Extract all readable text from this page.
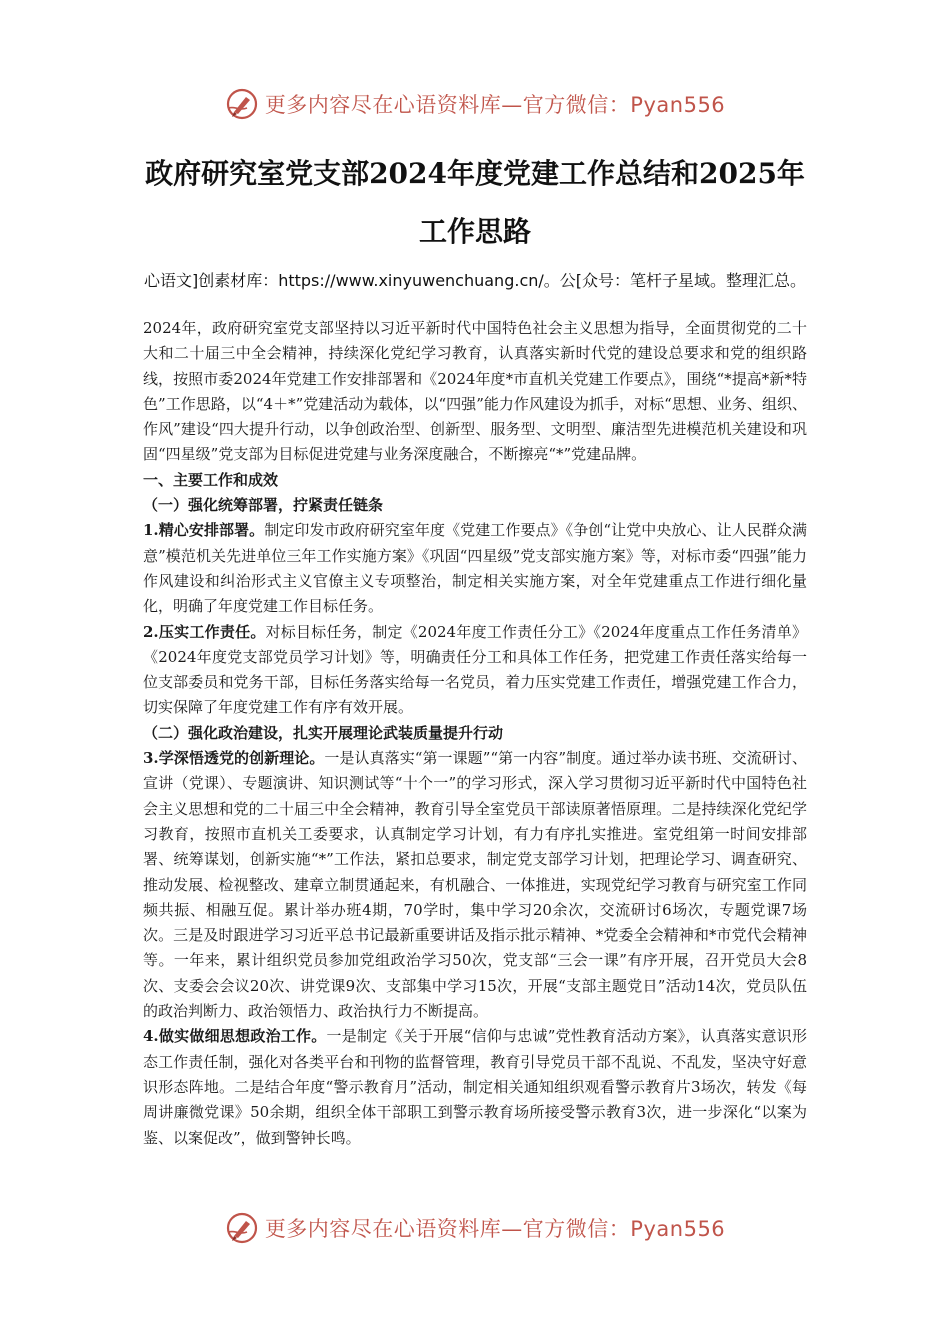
更多内容尽在心语资料库—官方微信：Pyan556
政府研究室党支部2024年度党建工作总结和2025年工作思路

心语文]创素材库：https://www.xinyuwenchuang.cn/。公[众号：笔杆子星域。整理汇总。

2024年，政府研究室党支部坚持以习近平新时代中国特色社会主义思想为指导，全面贯彻党的二十大和二十届三中全会精神，持续深化党纪学习教育，认真落实新时代党的建设总要求和党的组织路线，按照市委2024年党建工作安排部署和《2024年度*市直机关党建工作要点》，围绕“*提高*新*特色”工作思路，以“4＋*”党建活动为载体，以“四强”能力作风建设为抓手，对标“思想、业务、组织、作风”建设“四大提升行动，以争创政治型、创新型、服务型、文明型、廉洁型先进模范机关建设和巩固“四星级”党支部为目标促进党建与业务深度融合，不断擦亮“*”党建品牌。

一、主要工作和成效
（一）强化统筹部署，拧紧责任链条

1.精心安排部署。制定印发市政府研究室年度《党建工作要点》《争创“让党中央放心、让人民群众满意”模范机关先进单位三年工作实施方案》《巩固“四星级”党支部实施方案》等，对标市委“四强”能力作风建设和纠治形式主义官僚主义专项整治，制定相关实施方案，对全年党建重点工作进行细化量化，明确了年度党建工作目标任务。

2.压实工作责任。对标目标任务，制定《2024年度工作责任分工》《2024年度重点工作任务清单》《2024年度党支部党员学习计划》等，明确责任分工和具体工作任务，把党建工作责任落实给每一位支部委员和党务干部，目标任务落实给每一名党员，着力压实党建工作责任，增强党建工作合力，切实保障了年度党建工作有序有效开展。

（二）强化政治建设，扎实开展理论武装质量提升行动

3.学深悟透党的创新理论。一是认真落实“第一课题”“第一内容”制度。通过举办读书班、交流研讨、宣讲（党课）、专题演讲、知识测试等“十个一”的学习形式，深入学习贯彻习近平新时代中国特色社会主义思想和党的二十届三中全会精神，教育引导全室党员干部读原著悟原理。二是持续深化党纪学习教育，按照市直机关工委要求，认真制定学习计划，有力有序扎实推进。室党组第一时间安排部署、统筹谋划，创新实施“*”工作法，紧扣总要求，制定党支部学习计划，把理论学习、调查研究、推动发展、检视整改、建章立制贯通起来，有机融合、一体推进，实现党纪学习教育与研究室工作同频共振、相融互促。累计举办班4期，70学时，集中学习20余次，交流研讨6场次，专题党课7场次。三是及时跟进学习习近平总书记最新重要讲话及指示批示精神、*党委全会精神和*市党代会精神等。一年来，累计组织党员参加党组政治学习50次，党支部“三会一课”有序开展，召开党员大会8次、支委会会议20次、讲党课9次、支部集中学习15次，开展“支部主题党日”活动14次，党员队伍的政治判断力、政治领悟力、政治执行力不断提高。

4.做实做细思想政治工作。一是制定《关于开展“信仰与忠诚”党性教育活动方案》，认真落实意识形态工作责任制，强化对各类平台和刊物的监督管理，教育引导党员干部不乱说、不乱发，坚决守好意识形态阵地。二是结合年度“警示教育月”活动，制定相关通知组织观看警示教育片3场次，转发《每周讲廉微党课》50余期，组织全体干部职工到警示教育场所接受警示教育3次，进一步深化“以案为鉴、以案促改”，做到警钟长鸣。

更多内容尽在心语资料库—官方微信：Pyan556
